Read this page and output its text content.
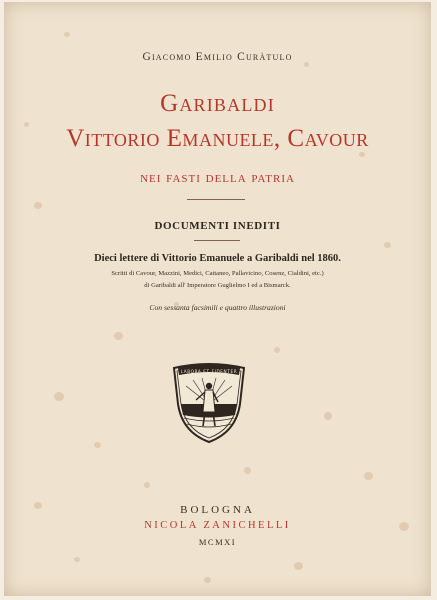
Giacomo Emilio Curàtulo
Garibaldi
Vittorio Emanuele, Cavour
nei fasti della patria
DOCUMENTI INEDITI
Dieci lettere di Vittorio Emanuele a Garibaldi nel 1860.
Scritti di Cavour, Mazzini, Medici, Cattaneo, Pallavicino, Cosenz, Cialdini, etc.)
di Garibaldi all' Imperatore Guglielmo I ed a Bismarck.
Con sessanta facsimili e quattro illustrazioni
LABORA ET FIDENTER
BOLOGNA
NICOLA ZANICHELLI
MCMXI
